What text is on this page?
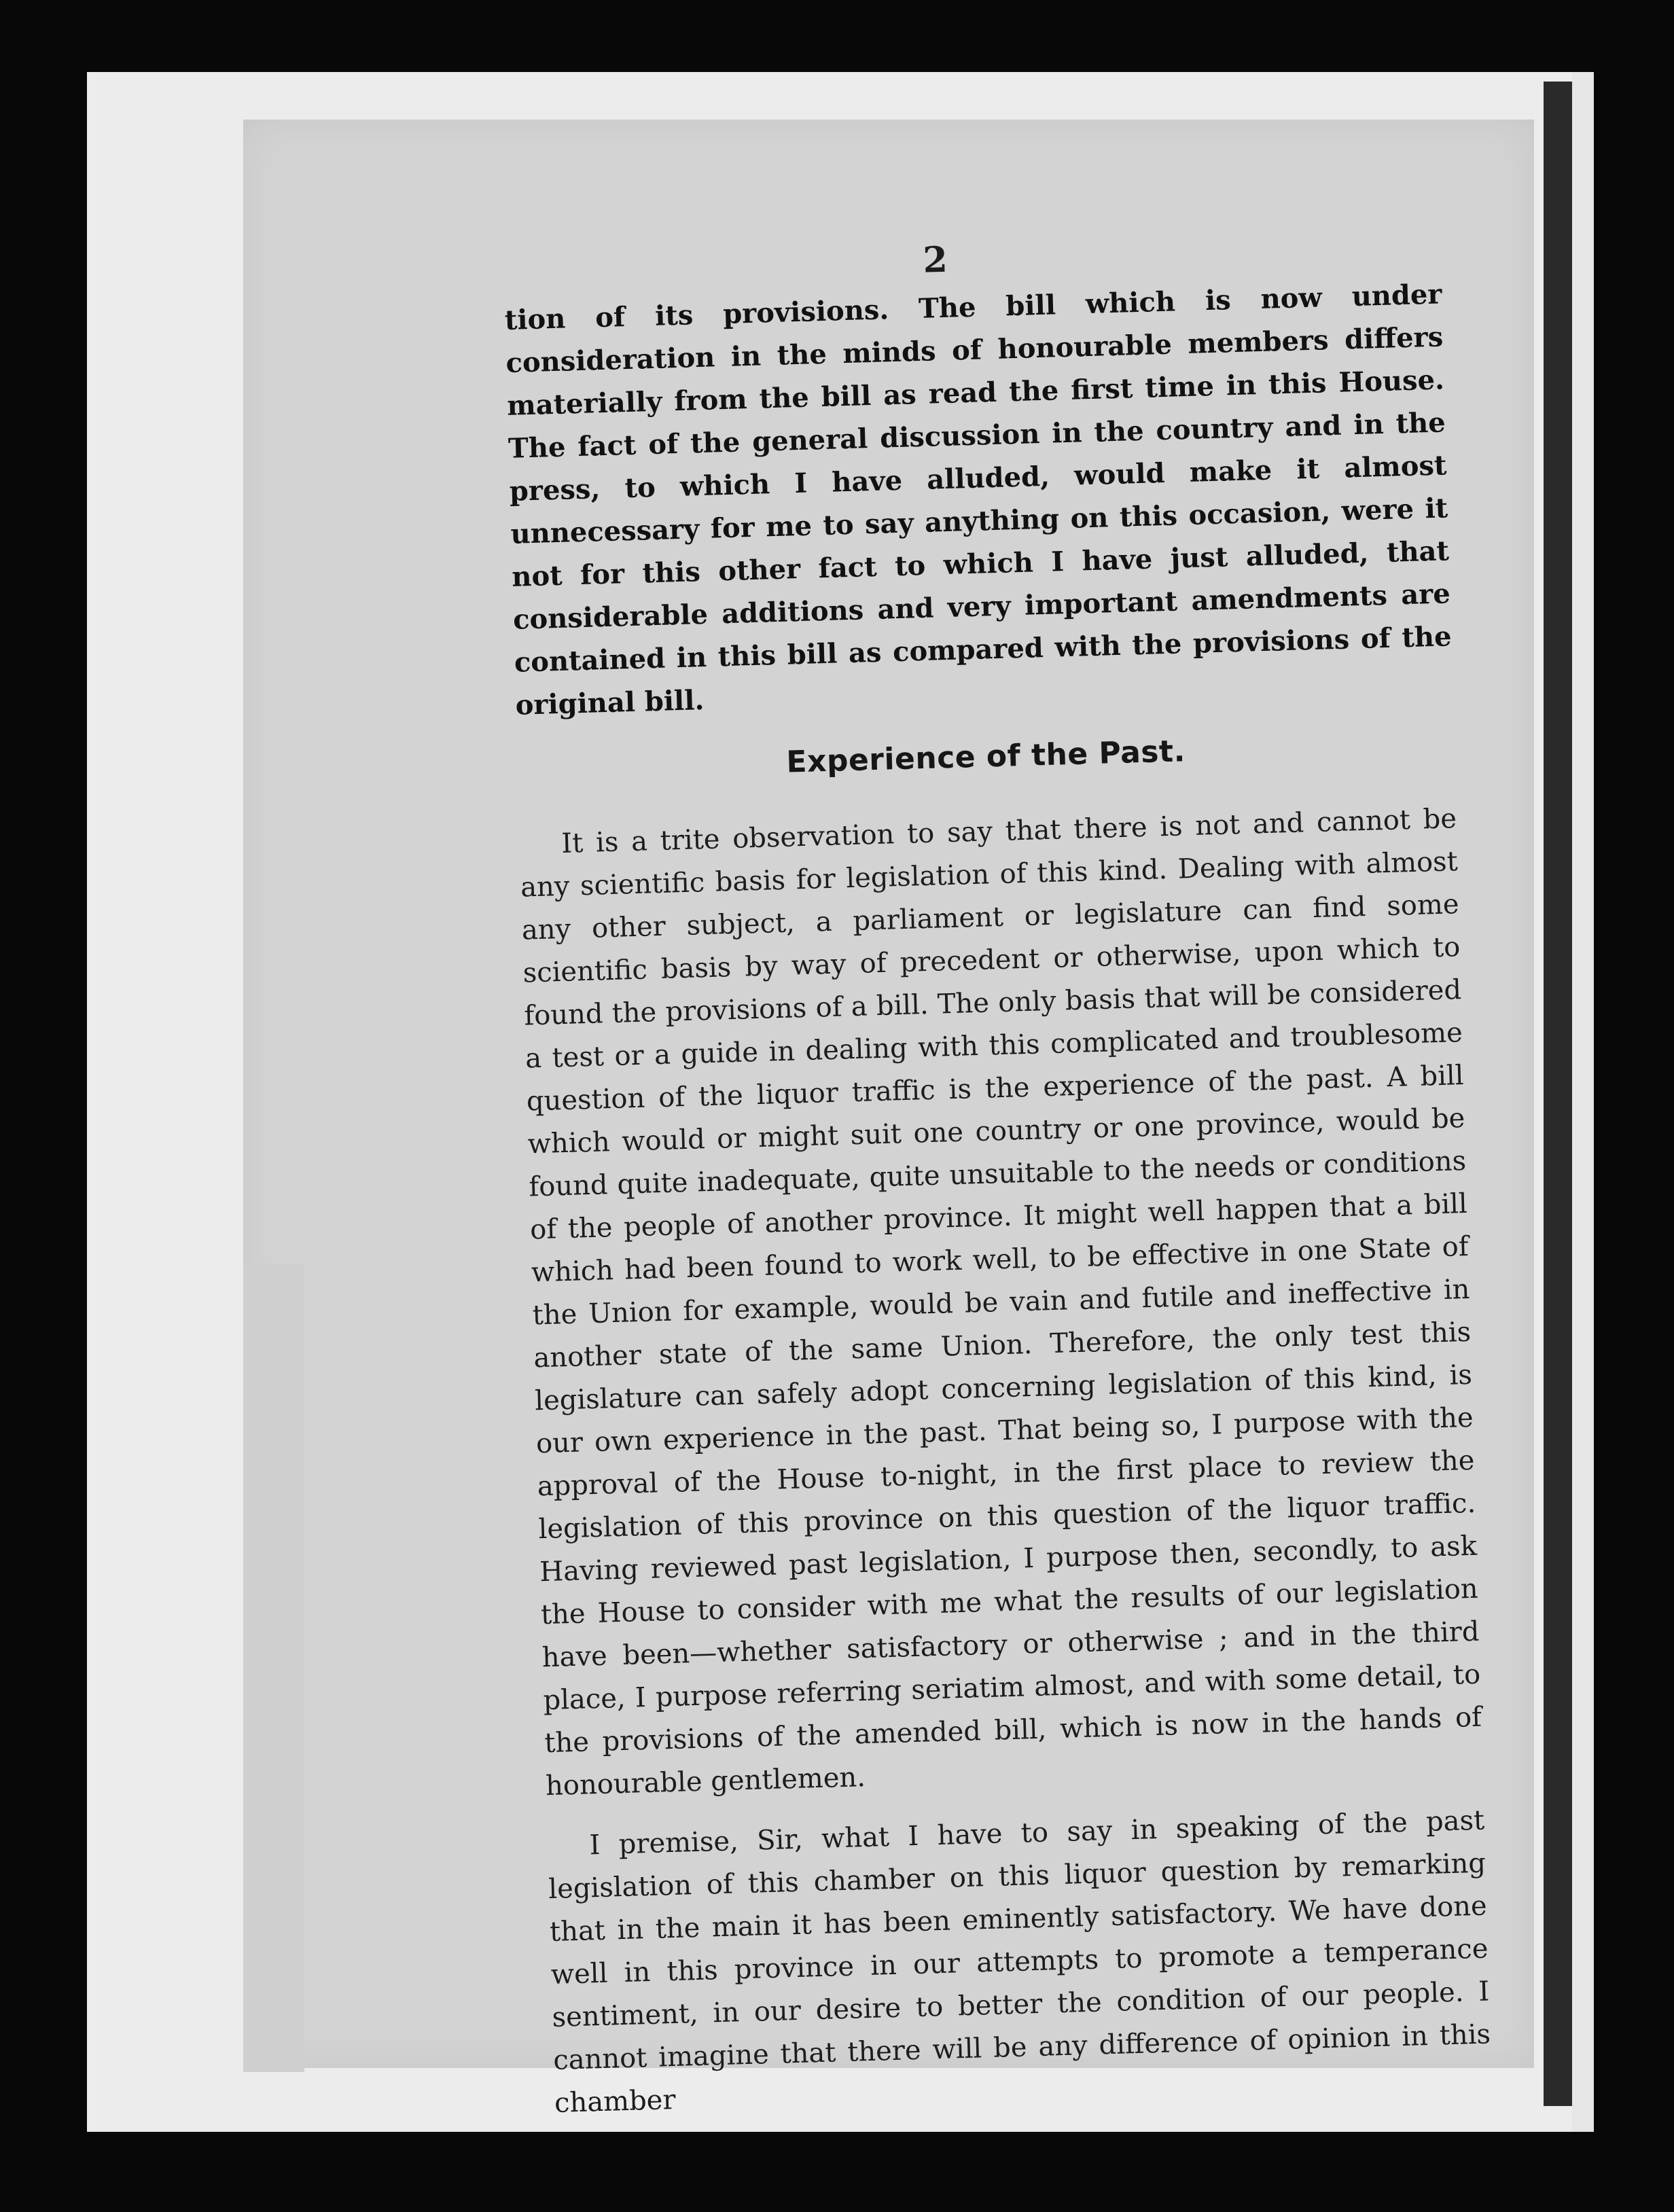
2

tion of its provisions. The bill which is now under consideration in the minds of honourable members differs materially from the bill as read the first time in this House. The fact of the general discussion in the country and in the press, to which I have alluded, would make it almost unnecessary for me to say anything on this occasion, were it not for this other fact to which I have just alluded, that considerable additions and very important amendments are contained in this bill as compared with the provisions of the original bill.

Experience of the Past.

It is a trite observation to say that there is not and cannot be any scientific basis for legislation of this kind. Dealing with almost any other subject, a parliament or legislature can find some scientific basis by way of precedent or otherwise, upon which to found the provisions of a bill. The only basis that will be considered a test or a guide in dealing with this complicated and troublesome question of the liquor traffic is the experience of the past. A bill which would or might suit one country or one province, would be found quite inadequate, quite unsuitable to the needs or conditions of the people of another province. It might well happen that a bill which had been found to work well, to be effective in one State of the Union for example, would be vain and futile and ineffective in another state of the same Union. Therefore, the only test this legislature can safely adopt concerning legislation of this kind, is our own experience in the past. That being so, I purpose with the approval of the House to-night, in the first place to review the legislation of this province on this question of the liquor traffic. Having reviewed past legislation, I purpose then, secondly, to ask the House to consider with me what the results of our legislation have been—whether satisfactory or otherwise ; and in the third place, I purpose referring seriatim almost, and with some detail, to the provisions of the amended bill, which is now in the hands of honourable gentlemen.

I premise, Sir, what I have to say in speaking of the past legislation of this chamber on this liquor question by remarking that in the main it has been eminently satisfactory. We have done well in this province in our attempts to promote a temperance sentiment, in our desire to better the condition of our people. I cannot imagine that there will be any difference of opinion in this chamber
